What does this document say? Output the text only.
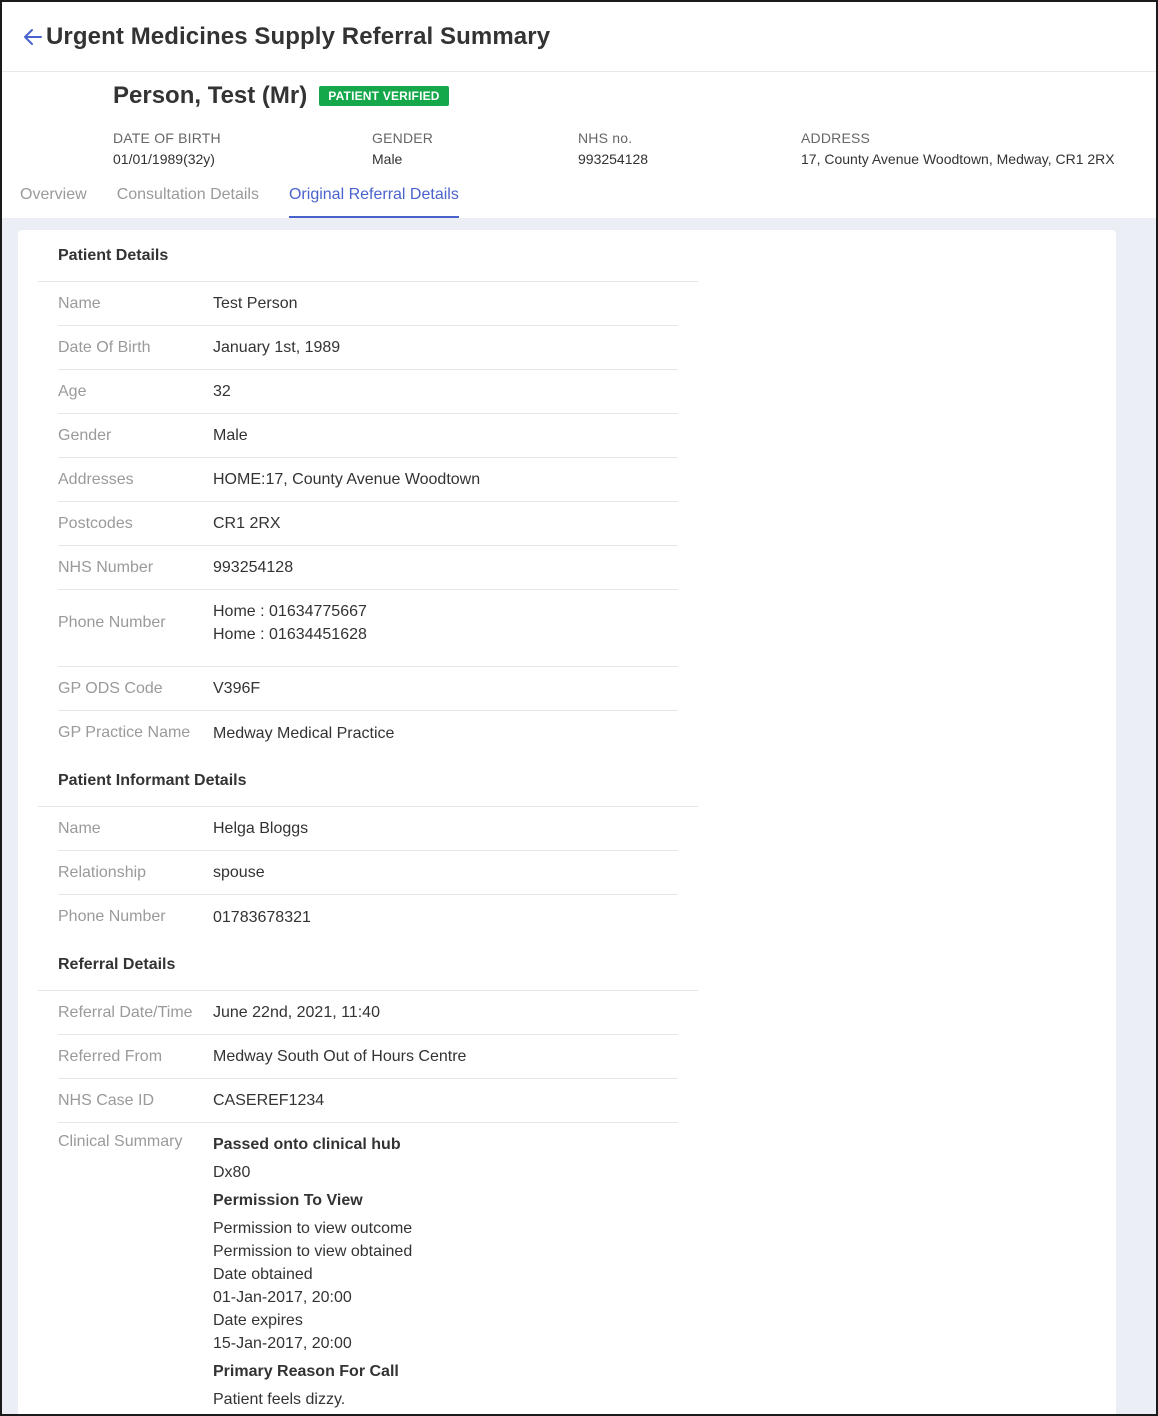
Urgent Medicines Supply Referral Summary
Person, Test (Mr)	PATIENT VERIFIED
DATE OF BIRTH
01/01/1989(32y)
GENDER
Male
NHS no.
993254128
ADDRESS
17, County Avenue Woodtown, Medway, CR1 2RX
Overview Consultation Details Original Referral Details
Patient Details
Name	Test Person
Date Of Birth	January 1st, 1989
Age	32
Gender	Male
Addresses	HOME:17, County Avenue Woodtown
Postcodes	CR1 2RX
NHS Number	993254128
Phone Number
Home : 01634775667
Home : 01634451628
GP ODS Code	V396F
GP Practice Name	Medway Medical Practice
Patient Informant Details
Name	Helga Bloggs
Relationship	spouse
Phone Number	01783678321
Referral Details
Referral Date/Time	June 22nd, 2021, 11:40
Referred From	Medway South Out of Hours Centre
NHS Case ID	CASEREF1234
Clinical Summary	Passed onto clinical hub
Dx80
Permission To View
Permission to view outcome
Permission to view obtained
Date obtained
01-Jan-2017, 20:00
Date expires
15-Jan-2017, 20:00
Primary Reason For Call
Patient feels dizzy.
